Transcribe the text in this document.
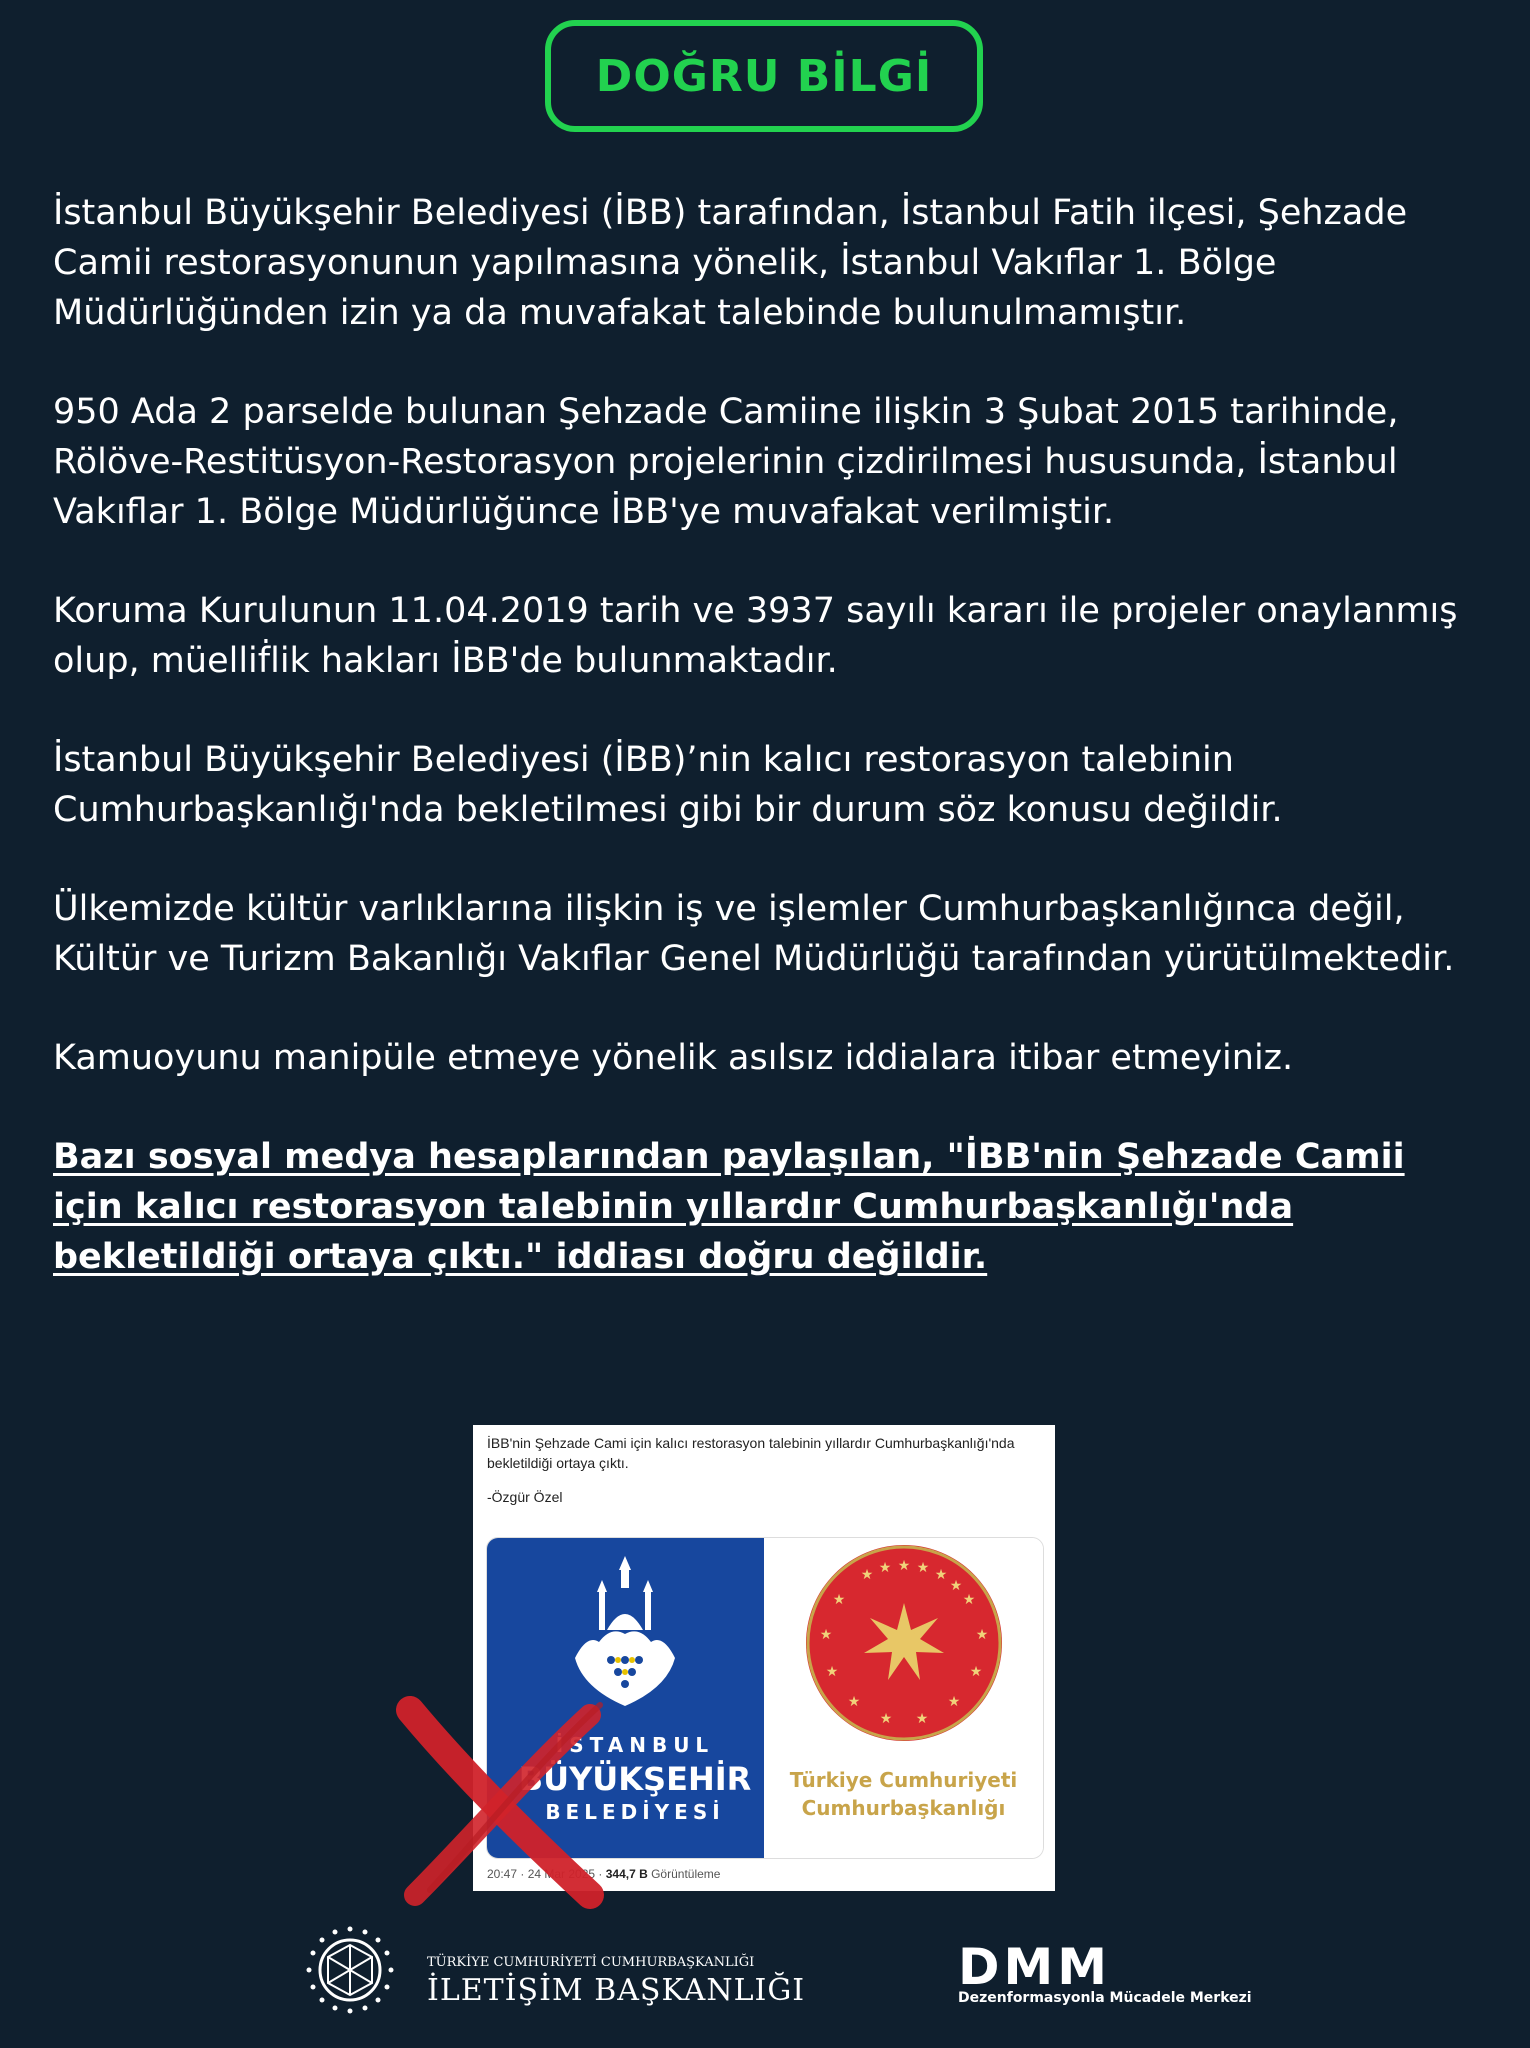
DOĞRU BİLGİ

İstanbul Büyükşehir Belediyesi (İBB) tarafından, İstanbul Fatih ilçesi, Şehzade Camii restorasyonunun yapılmasına yönelik, İstanbul Vakıflar 1. Bölge Müdürlüğünden izin ya da muvafakat talebinde bulunulmamıştır.

950 Ada 2 parselde bulunan Şehzade Camiine ilişkin 3 Şubat 2015 tarihinde, Rölöve-Restitüsyon-Restorasyon projelerinin çizdirilmesi hususunda, İstanbul Vakıflar 1. Bölge Müdürlüğünce İBB'ye muvafakat verilmiştir.

Koruma Kurulunun 11.04.2019 tarih ve 3937 sayılı kararı ile projeler onaylanmış olup, müelliḟlik hakları İBB'de bulunmaktadır.

İstanbul Büyükşehir Belediyesi (İBB)’nin kalıcı restorasyon talebinin Cumhurbaşkanlığı'nda bekletilmesi gibi bir durum söz konusu değildir.

Ülkemizde kültür varlıklarına ilişkin iş ve işlemler Cumhurbaşkanlığınca değil, Kültür ve Turizm Bakanlığı Vakıflar Genel Müdürlüğü tarafından yürütülmektedir.

Kamuoyunu manipüle etmeye yönelik asılsız iddialara itibar etmeyiniz.

Bazı sosyal medya hesaplarından paylaşılan, "İBB'nin Şehzade Camii için kalıcı restorasyon talebinin yıllardır Cumhurbaşkanlığı'nda bekletildiği ortaya çıktı." iddiası doğru değildir.

İBB'nin Şehzade Cami için kalıcı restorasyon talebinin yıllardır Cumhurbaşkanlığı'nda bekletildiği ortaya çıktı.
-Özgür Özel
İSTANBUL
BÜYÜKŞEHİR
BELEDİYESİ
★
★
★
★
★
★
★
★
★
★
★
★
★	★
★
★
Türkiye Cumhuriyeti
Cumhurbaşkanlığı
20:47 · 24 Mar 2025 · 344,7 B Görüntüleme
TÜRKİYE CUMHURİYETİ CUMHURBAŞKANLIĞI
İLETİŞİM BAŞKANLIĞI	DMM
Dezenformasyonla Mücadele Merkezi
